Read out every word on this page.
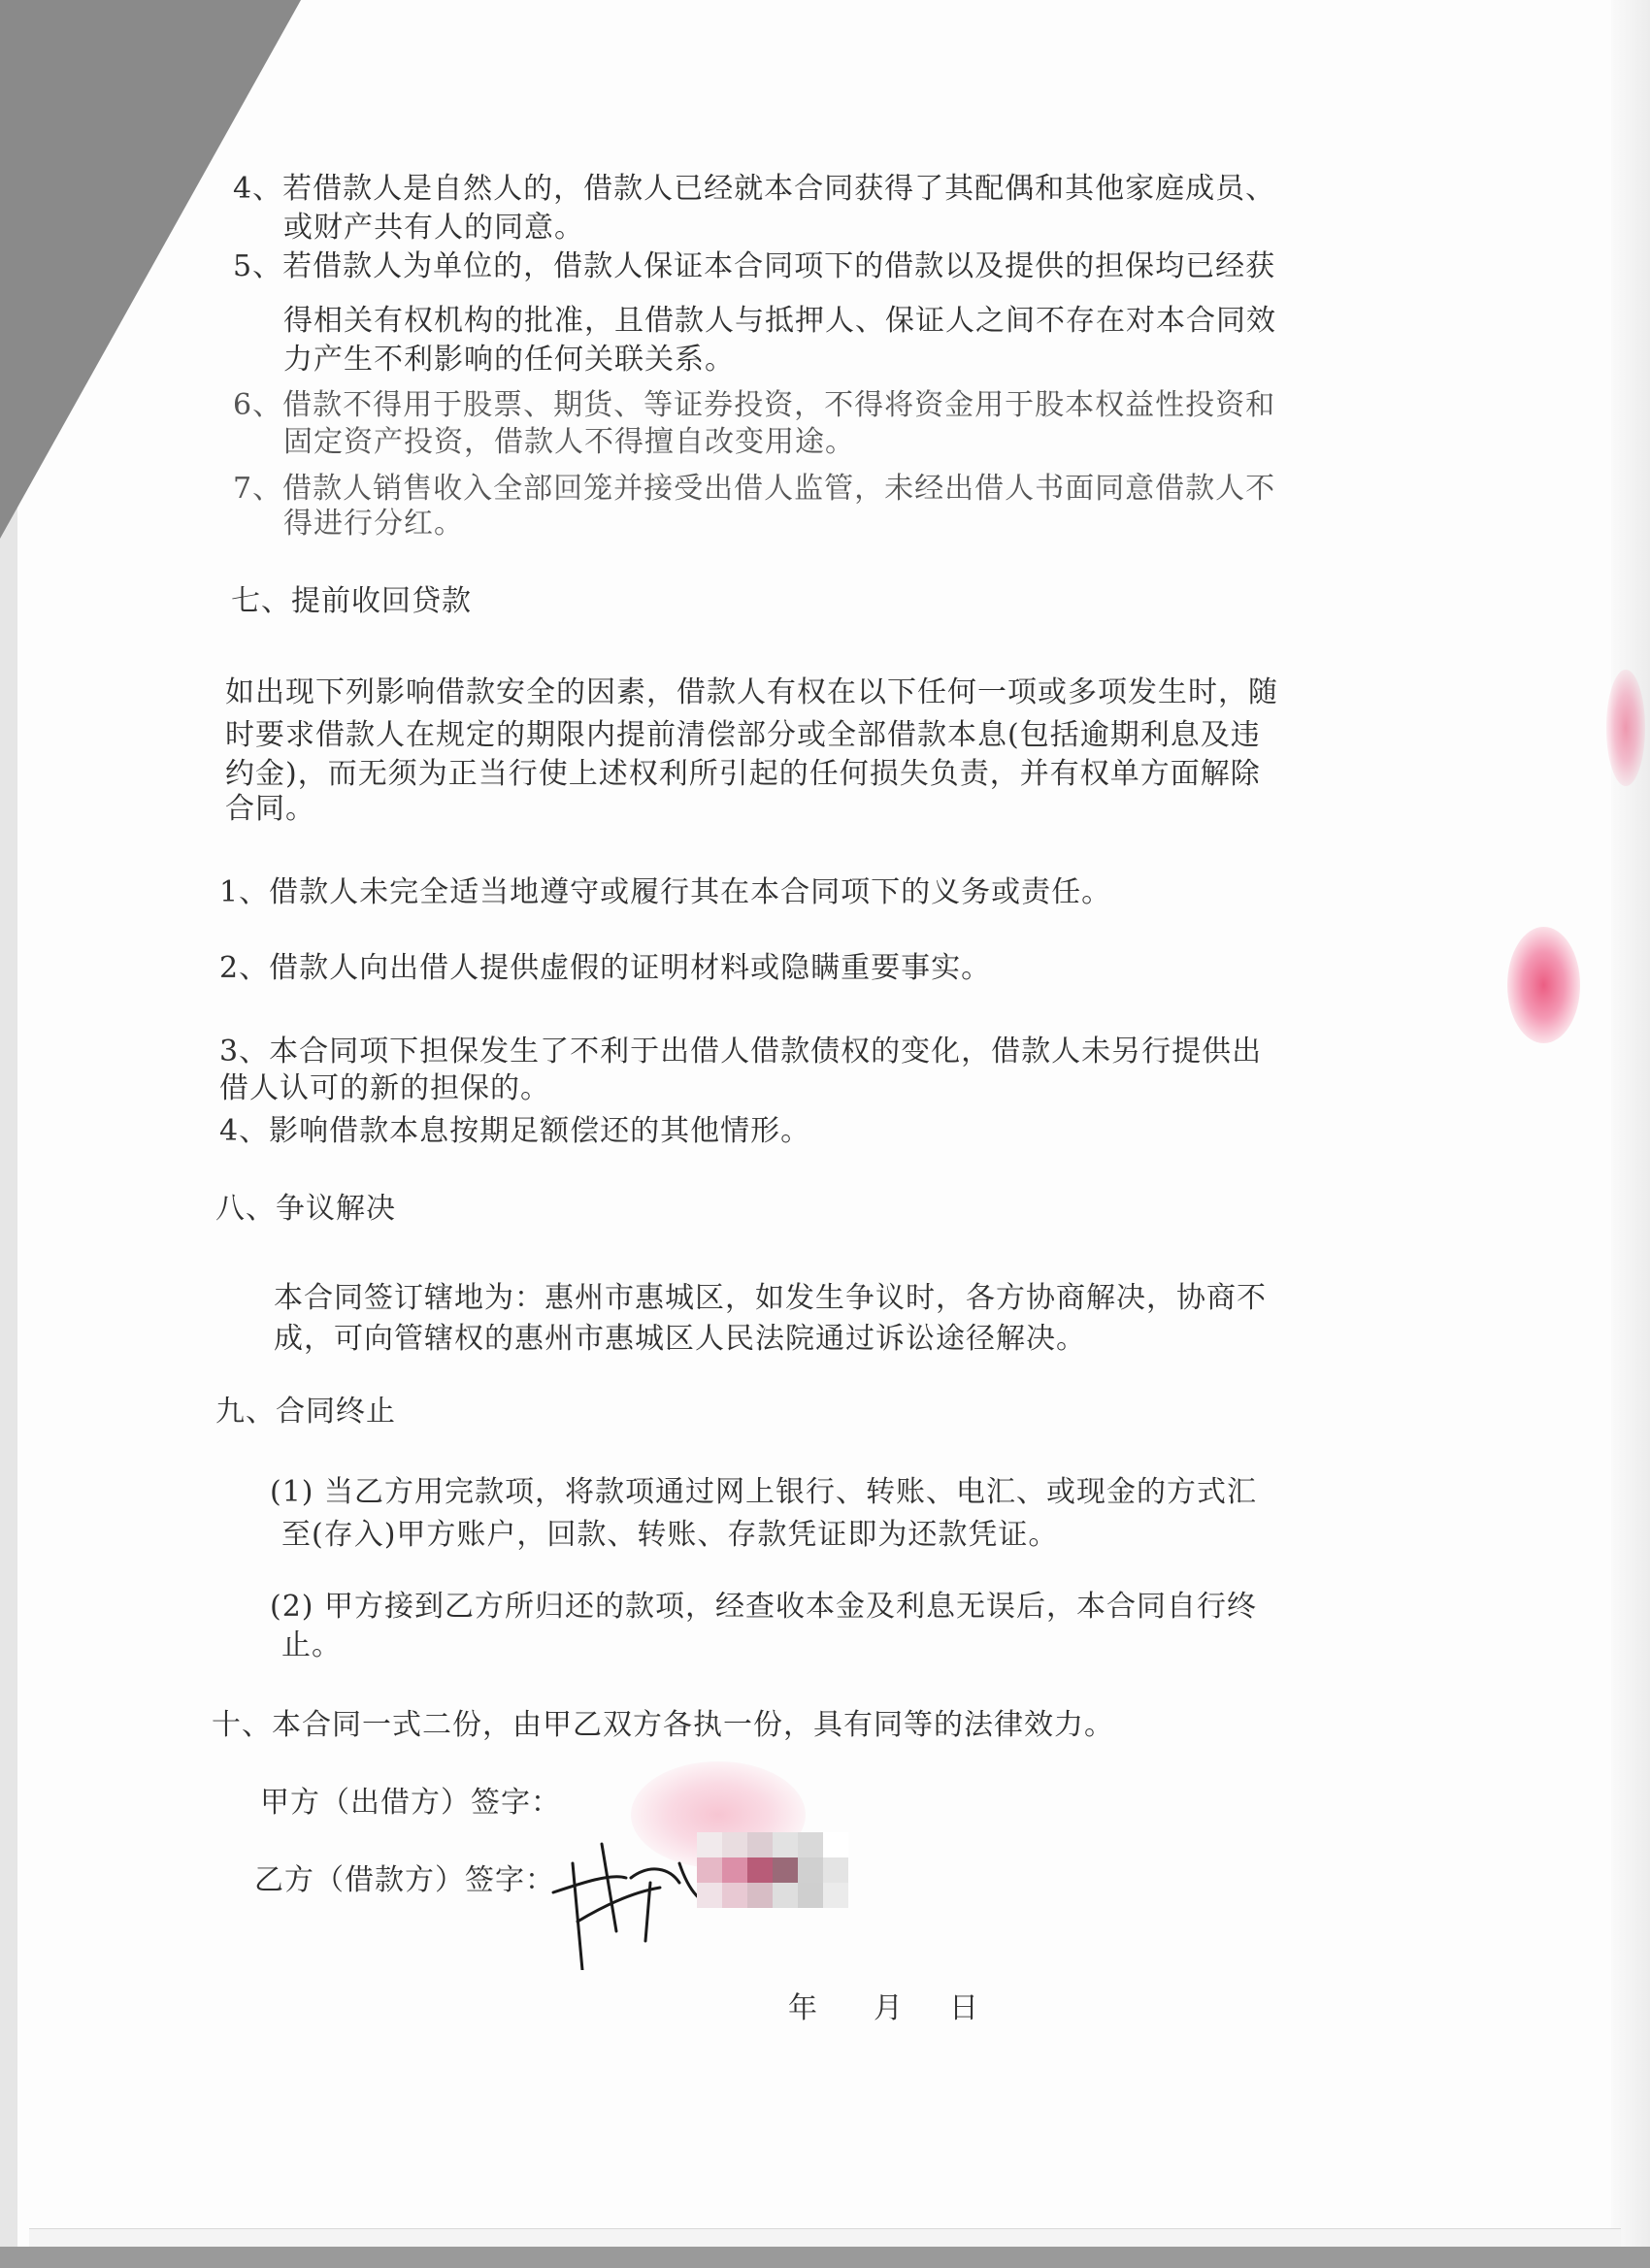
4、若借款人是自然人的，借款人已经就本合同获得了其配偶和其他家庭成员、
或财产共有人的同意。
5、若借款人为单位的，借款人保证本合同项下的借款以及提供的担保均已经获
得相关有权机构的批准，且借款人与抵押人、保证人之间不存在对本合同效
力产生不利影响的任何关联关系。
6、借款不得用于股票、期货、等证券投资，不得将资金用于股本权益性投资和
固定资产投资，借款人不得擅自改变用途。
7、借款人销售收入全部回笼并接受出借人监管，未经出借人书面同意借款人不
得进行分红。
七、提前收回贷款
如出现下列影响借款安全的因素，借款人有权在以下任何一项或多项发生时，随
时要求借款人在规定的期限内提前清偿部分或全部借款本息(包括逾期利息及违
约金)，而无须为正当行使上述权利所引起的任何损失负责，并有权单方面解除
合同。
1、借款人未完全适当地遵守或履行其在本合同项下的义务或责任。
2、借款人向出借人提供虚假的证明材料或隐瞒重要事实。
3、本合同项下担保发生了不利于出借人借款债权的变化，借款人未另行提供出
借人认可的新的担保的。
4、影响借款本息按期足额偿还的其他情形。
八、争议解决
本合同签订辖地为：惠州市惠城区，如发生争议时，各方协商解决，协商不
成，可向管辖权的惠州市惠城区人民法院通过诉讼途径解决。
九、合同终止
(1) 当乙方用完款项，将款项通过网上银行、转账、电汇、或现金的方式汇
至(存入)甲方账户，回款、转账、存款凭证即为还款凭证。
(2) 甲方接到乙方所归还的款项，经查收本金及利息无误后，本合同自行终
止。
十、本合同一式二份，由甲乙双方各执一份，具有同等的法律效力。
甲方（出借方）签字：
乙方（借款方）签字：
年 月 日
